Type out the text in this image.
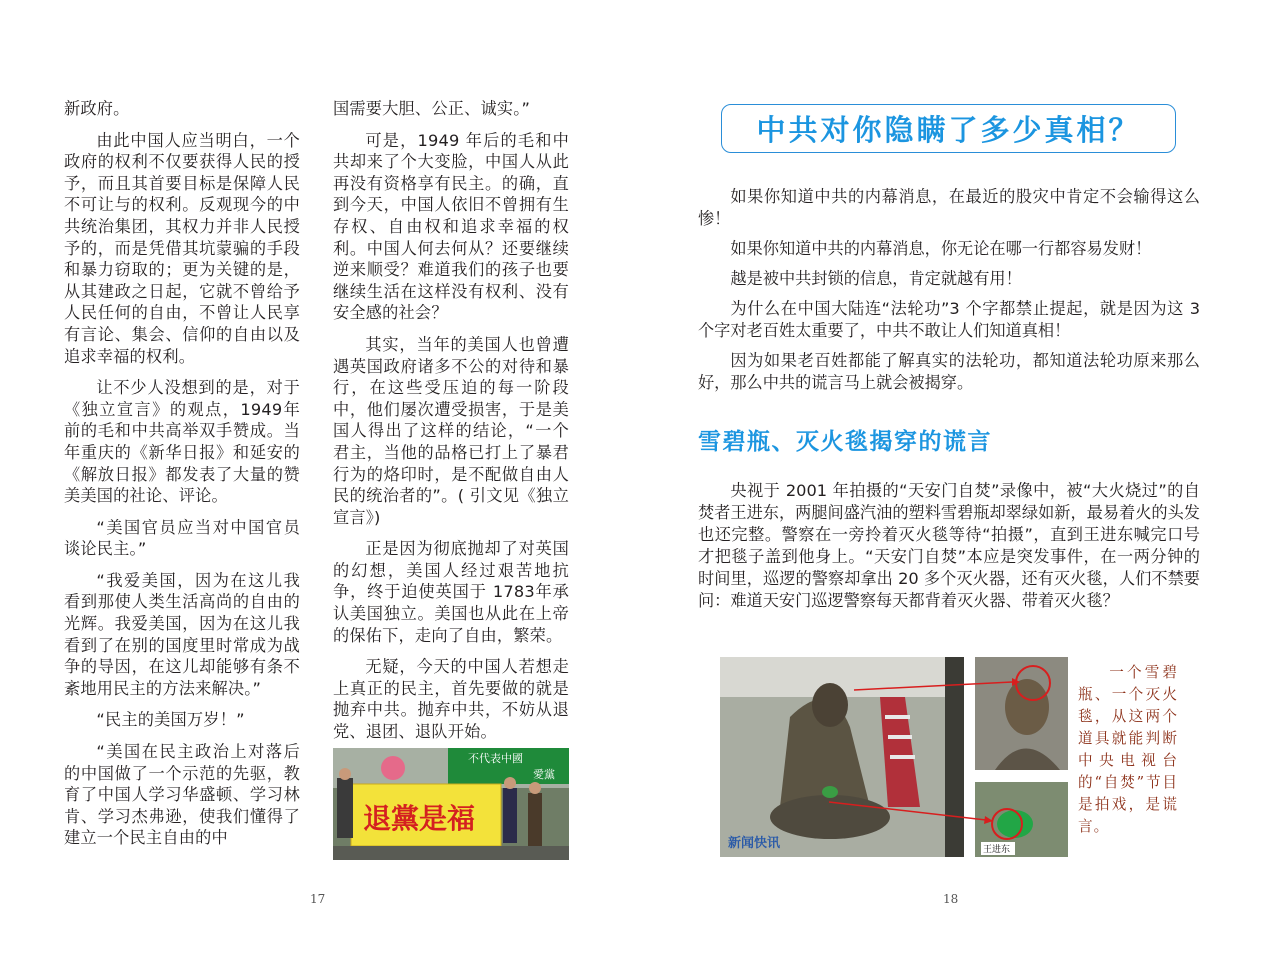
新政府。

由此中国人应当明白，一个政府的权利不仅要获得人民的授予，而且其首要目标是保障人民不可让与的权利。反观现今的中共统治集团，其权力并非人民授予的，而是凭借其坑蒙骗的手段和暴力窃取的；更为关键的是，从其建政之日起，它就不曾给予人民任何的自由，不曾让人民享有言论、集会、信仰的自由以及追求幸福的权利。

让不少人没想到的是，对于《独立宣言》的观点，1949年前的毛和中共高举双手赞成。当年重庆的《新华日报》和延安的《解放日报》都发表了大量的赞美美国的社论、评论。

“美国官员应当对中国官员谈论民主。”

“我爱美国，因为在这儿我看到那使人类生活高尚的自由的光辉。我爱美国，因为在这儿我看到了在别的国度里时常成为战争的导因，在这儿却能够有条不紊地用民主的方法来解决。”

“民主的美国万岁！”

“美国在民主政治上对落后的中国做了一个示范的先驱，教育了中国人学习华盛顿、学习林肯、学习杰弗逊，使我们懂得了建立一个民主自由的中

国需要大胆、公正、诚实。”

可是，1949 年后的毛和中共却来了个大变脸，中国人从此再没有资格享有民主。的确，直到今天，中国人依旧不曾拥有生存权、自由权和追求幸福的权利。中国人何去何从？还要继续逆来顺受？难道我们的孩子也要继续生活在这样没有权利、没有安全感的社会？

其实，当年的美国人也曾遭遇英国政府诸多不公的对待和暴行，在这些受压迫的每一阶段中，他们屡次遭受损害，于是美国人得出了这样的结论，“一个君主，当他的品格已打上了暴君行为的烙印时，是不配做自由人民的统治者的”。( 引文见《独立宣言》)

正是因为彻底抛却了对英国的幻想，美国人经过艰苦地抗争，终于迫使英国于 1783年承认美国独立。美国也从此在上帝的保佑下，走向了自由，繁荣。

无疑，今天的中国人若想走上真正的民主，首先要做的就是抛弃中共。抛弃中共，不妨从退党、退团、退队开始。

不代表中國
愛黨
退黨是福
17
中共对你隐瞒了多少真相？

如果你知道中共的内幕消息，在最近的股灾中肯定不会输得这么惨！

如果你知道中共的内幕消息，你无论在哪一行都容易发财！

越是被中共封锁的信息，肯定就越有用！

为什么在中国大陆连“法轮功”3 个字都禁止提起，就是因为这 3 个字对老百姓太重要了，中共不敢让人们知道真相！

因为如果老百姓都能了解真实的法轮功，都知道法轮功原来那么好，那么中共的谎言马上就会被揭穿。

雪碧瓶、灭火毯揭穿的谎言

央视于 2001 年拍摄的“天安门自焚”录像中，被“大火烧过”的自焚者王进东，两腿间盛汽油的塑料雪碧瓶却翠绿如新，最易着火的头发也还完整。警察在一旁拎着灭火毯等待“拍摄”，直到王进东喊完口号才把毯子盖到他身上。“天安门自焚”本应是突发事件，在一两分钟的时间里，巡逻的警察却拿出 20 多个灭火器，还有灭火毯，人们不禁要问：难道天安门巡逻警察每天都背着灭火器、带着灭火毯？

新闻快讯	王进东
一个雪碧瓶、一个灭火毯，从这两个道具就能判断中央电视台的“自焚”节目是拍戏，是谎言。
18
